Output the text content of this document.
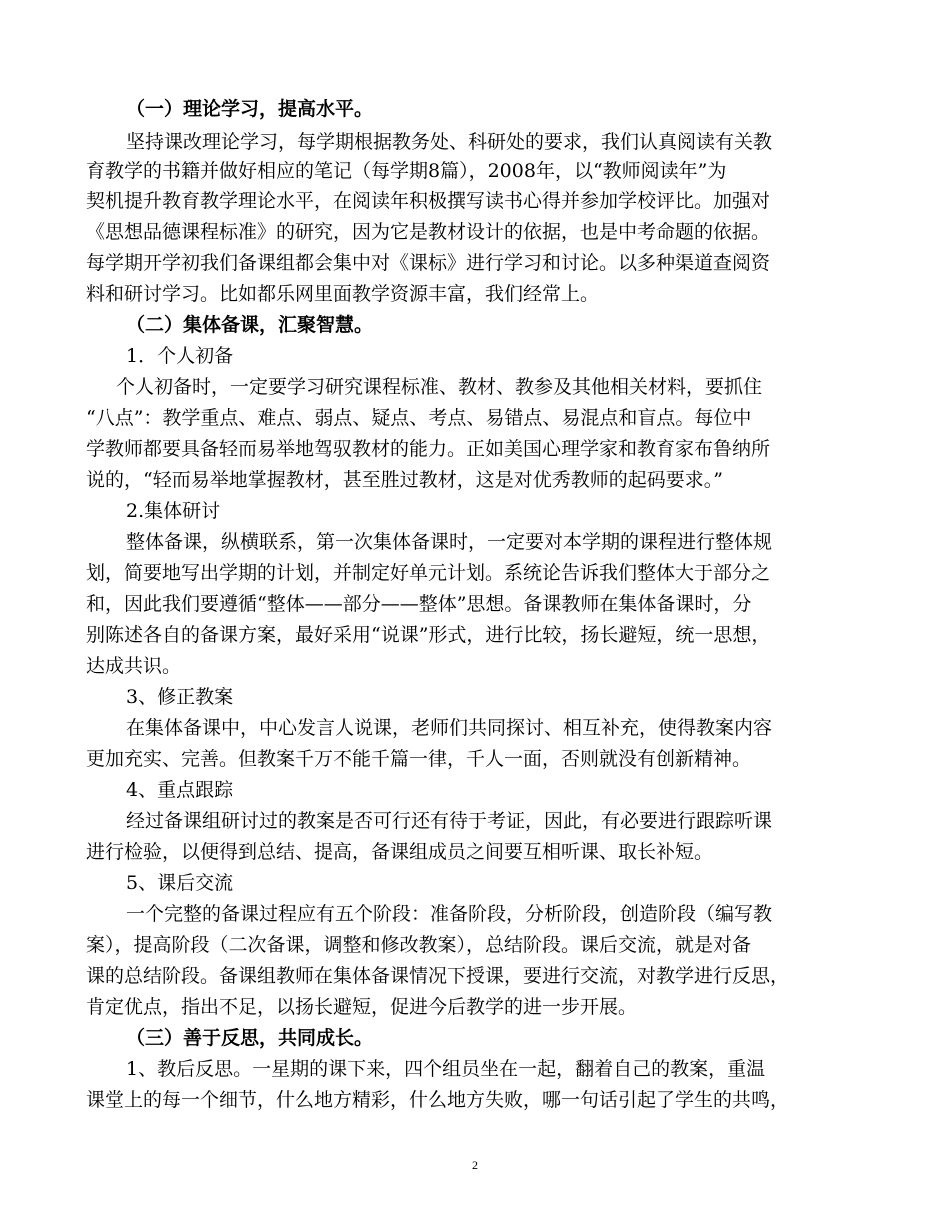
（一）理论学习，提高水平。
坚持课改理论学习，每学期根据教务处、科研处的要求，我们认真阅读有关教
育教学的书籍并做好相应的笔记（每学期8篇），2008年，以“教师阅读年”为
契机提升教育教学理论水平，在阅读年积极撰写读书心得并参加学校评比。加强对
《思想品德课程标准》的研究，因为它是教材设计的依据，也是中考命题的依据。
每学期开学初我们备课组都会集中对《课标》进行学习和讨论。以多种渠道查阅资
料和研讨学习。比如都乐网里面教学资源丰富，我们经常上。
（二）集体备课，汇聚智慧。
1．个人初备
个人初备时，一定要学习研究课程标准、教材、教参及其他相关材料，要抓住
“八点”：教学重点、难点、弱点、疑点、考点、易错点、易混点和盲点。每位中
学教师都要具备轻而易举地驾驭教材的能力。正如美国心理学家和教育家布鲁纳所
说的，“轻而易举地掌握教材，甚至胜过教材，这是对优秀教师的起码要求。”
2.集体研讨
整体备课，纵横联系，第一次集体备课时，一定要对本学期的课程进行整体规
划，简要地写出学期的计划，并制定好单元计划。系统论告诉我们整体大于部分之
和，因此我们要遵循“整体——部分——整体”思想。备课教师在集体备课时，分
别陈述各自的备课方案，最好采用“说课”形式，进行比较，扬长避短，统一思想，
达成共识。
3、修正教案
在集体备课中，中心发言人说课，老师们共同探讨、相互补充，使得教案内容
更加充实、完善。但教案千万不能千篇一律，千人一面，否则就没有创新精神。
4、重点跟踪
经过备课组研讨过的教案是否可行还有待于考证，因此，有必要进行跟踪听课
进行检验，以便得到总结、提高，备课组成员之间要互相听课、取长补短。
5、课后交流
一个完整的备课过程应有五个阶段：准备阶段，分析阶段，创造阶段（编写教
案），提高阶段（二次备课，调整和修改教案），总结阶段。课后交流，就是对备
课的总结阶段。备课组教师在集体备课情况下授课，要进行交流，对教学进行反思，
肯定优点，指出不足，以扬长避短，促进今后教学的进一步开展。
（三）善于反思，共同成长。
1、教后反思。一星期的课下来，四个组员坐在一起，翻着自己的教案，重温
课堂上的每一个细节，什么地方精彩，什么地方失败，哪一句话引起了学生的共鸣，
2
